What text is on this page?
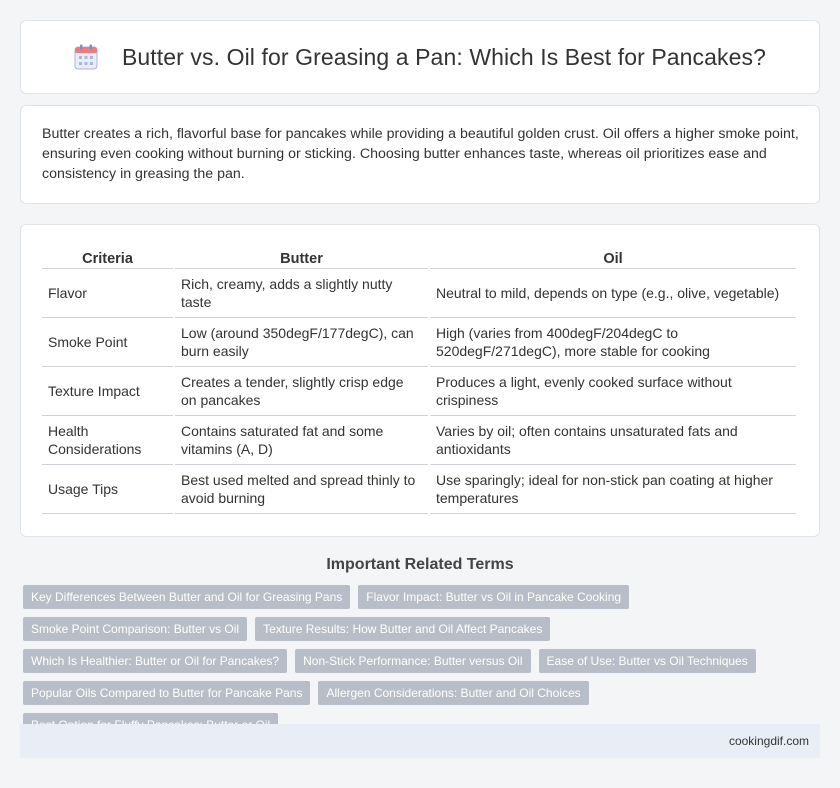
Butter vs. Oil for Greasing a Pan: Which Is Best for Pancakes?

Butter creates a rich, flavorful base for pancakes while providing a beautiful golden crust. Oil offers a higher smoke point, ensuring even cooking without burning or sticking. Choosing butter enhances taste, whereas oil prioritizes ease and consistency in greasing the pan.

Criteria	Butter	Oil
Flavor	Rich, creamy, adds a slightly nutty taste	Neutral to mild, depends on type (e.g., olive, vegetable)
Smoke Point	Low (around 350degF/177degC), can burn easily	High (varies from 400degF/204degC to 520degF/271degC), more stable for cooking
Texture Impact	Creates a tender, slightly crisp edge on pancakes	Produces a light, evenly cooked surface without crispiness
Health Considerations	Contains saturated fat and some vitamins (A, D)	Varies by oil; often contains unsaturated fats and antioxidants
Usage Tips	Best used melted and spread thinly to avoid burning	Use sparingly; ideal for non-stick pan coating at higher temperatures
Important Related Terms
Key Differences Between Butter and Oil for Greasing Pans	Flavor Impact: Butter vs Oil in Pancake Cooking
Smoke Point Comparison: Butter vs Oil	Texture Results: How Butter and Oil Affect Pancakes
Which Is Healthier: Butter or Oil for Pancakes?	Non-Stick Performance: Butter versus Oil	Ease of Use: Butter vs Oil Techniques
Popular Oils Compared to Butter for Pancake Pans	Allergen Considerations: Butter and Oil Choices
cookingdif.com
